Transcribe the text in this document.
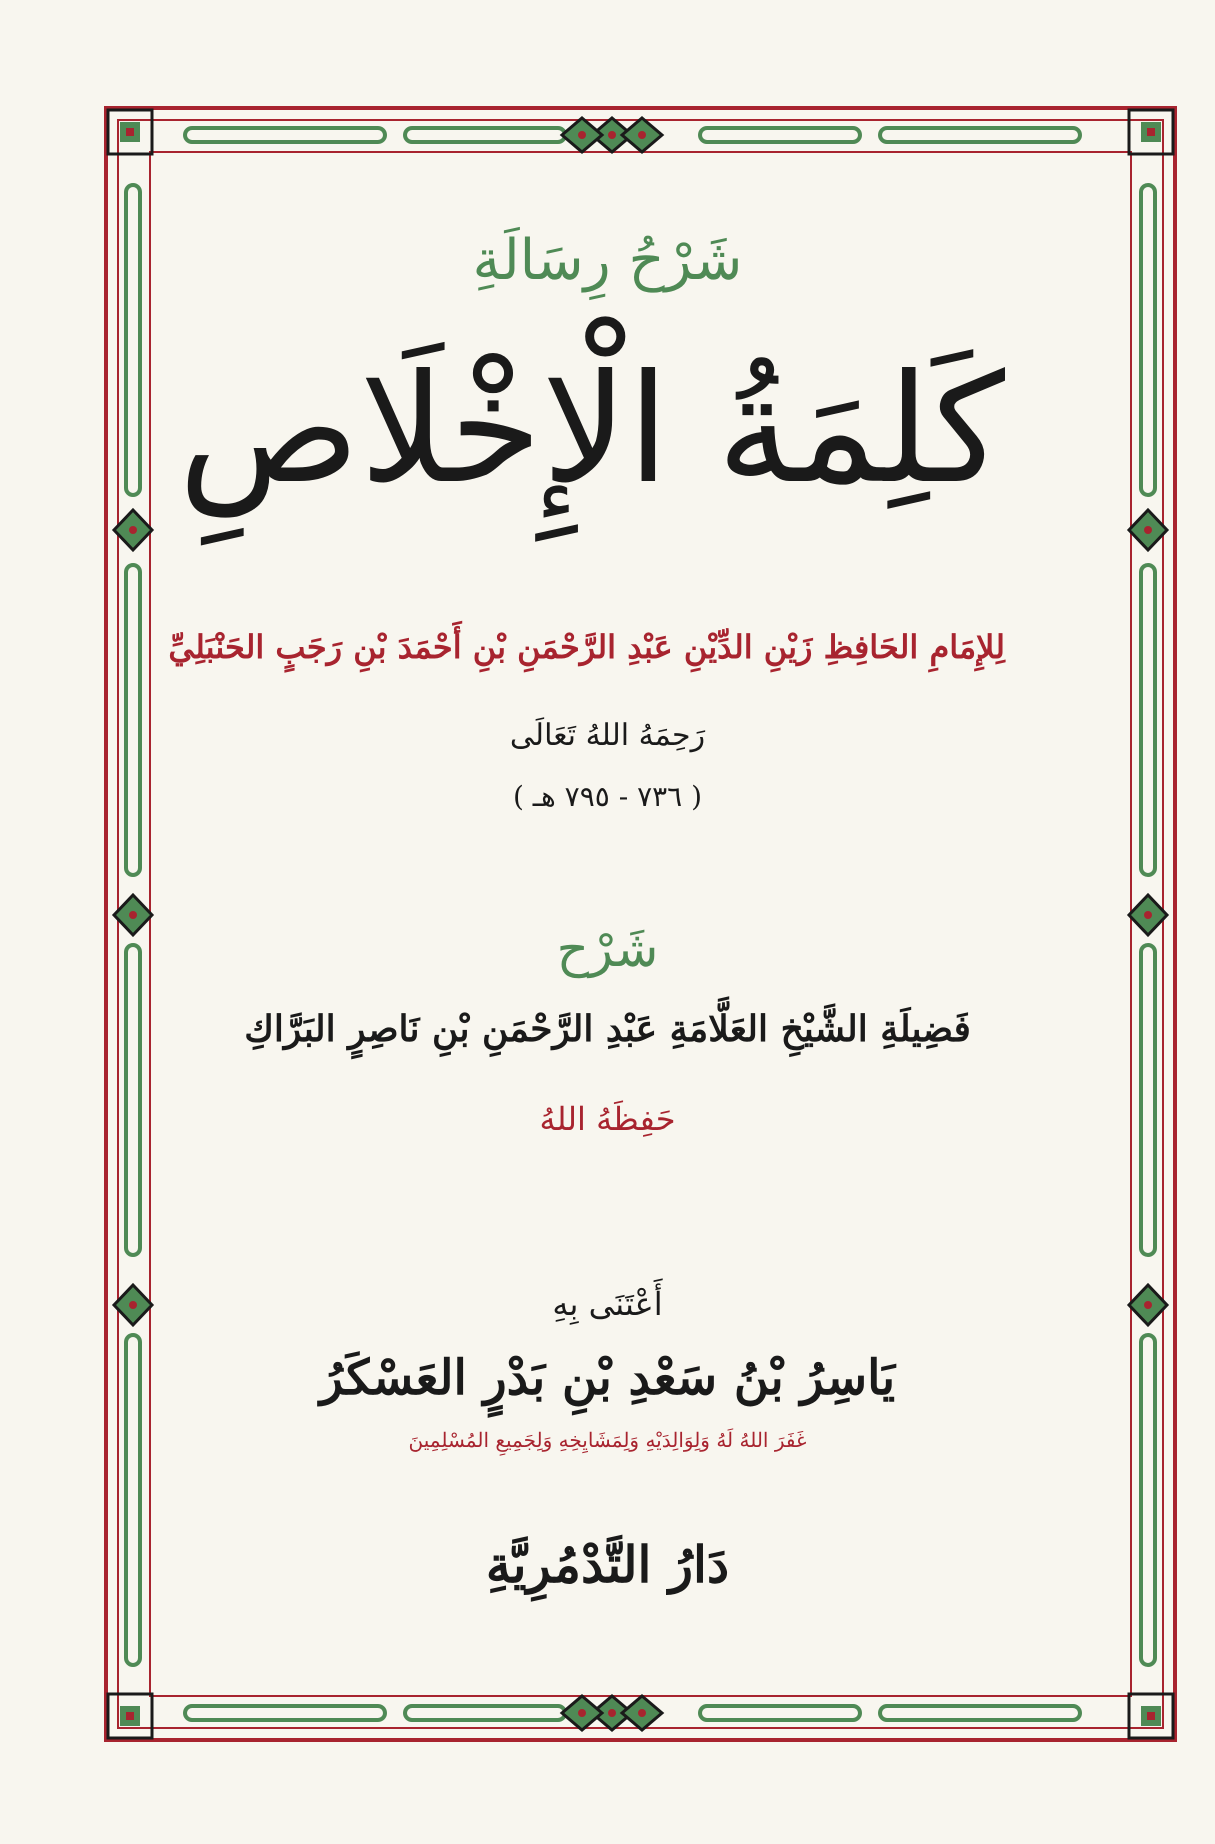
شَرْحُ رِسَالَةِ
كَلِمَةُ الْإِخْلَاصِ
لِلإِمَامِ الحَافِظِ زَيْنِ الدِّيْنِ عَبْدِ الرَّحْمَنِ بْنِ أَحْمَدَ بْنِ رَجَبٍ الحَنْبَلِيِّ
رَحِمَهُ اللهُ تَعَالَى
( ٧٣٦ - ٧٩٥ هـ )
شَرْح
فَضِيلَةِ الشَّيْخِ العَلَّامَةِ عَبْدِ الرَّحْمَنِ بْنِ نَاصِرٍ البَرَّاكِ
حَفِظَهُ اللهُ
أَعْتَنَى بِهِ
يَاسِرُ بْنُ سَعْدِ بْنِ بَدْرٍ العَسْكَرُ
غَفَرَ اللهُ لَهُ وَلِوَالِدَيْهِ وَلِمَشَايِخِهِ وَلِجَمِيعِ المُسْلِمِينَ
دَارُ التَّدْمُرِيَّةِ
